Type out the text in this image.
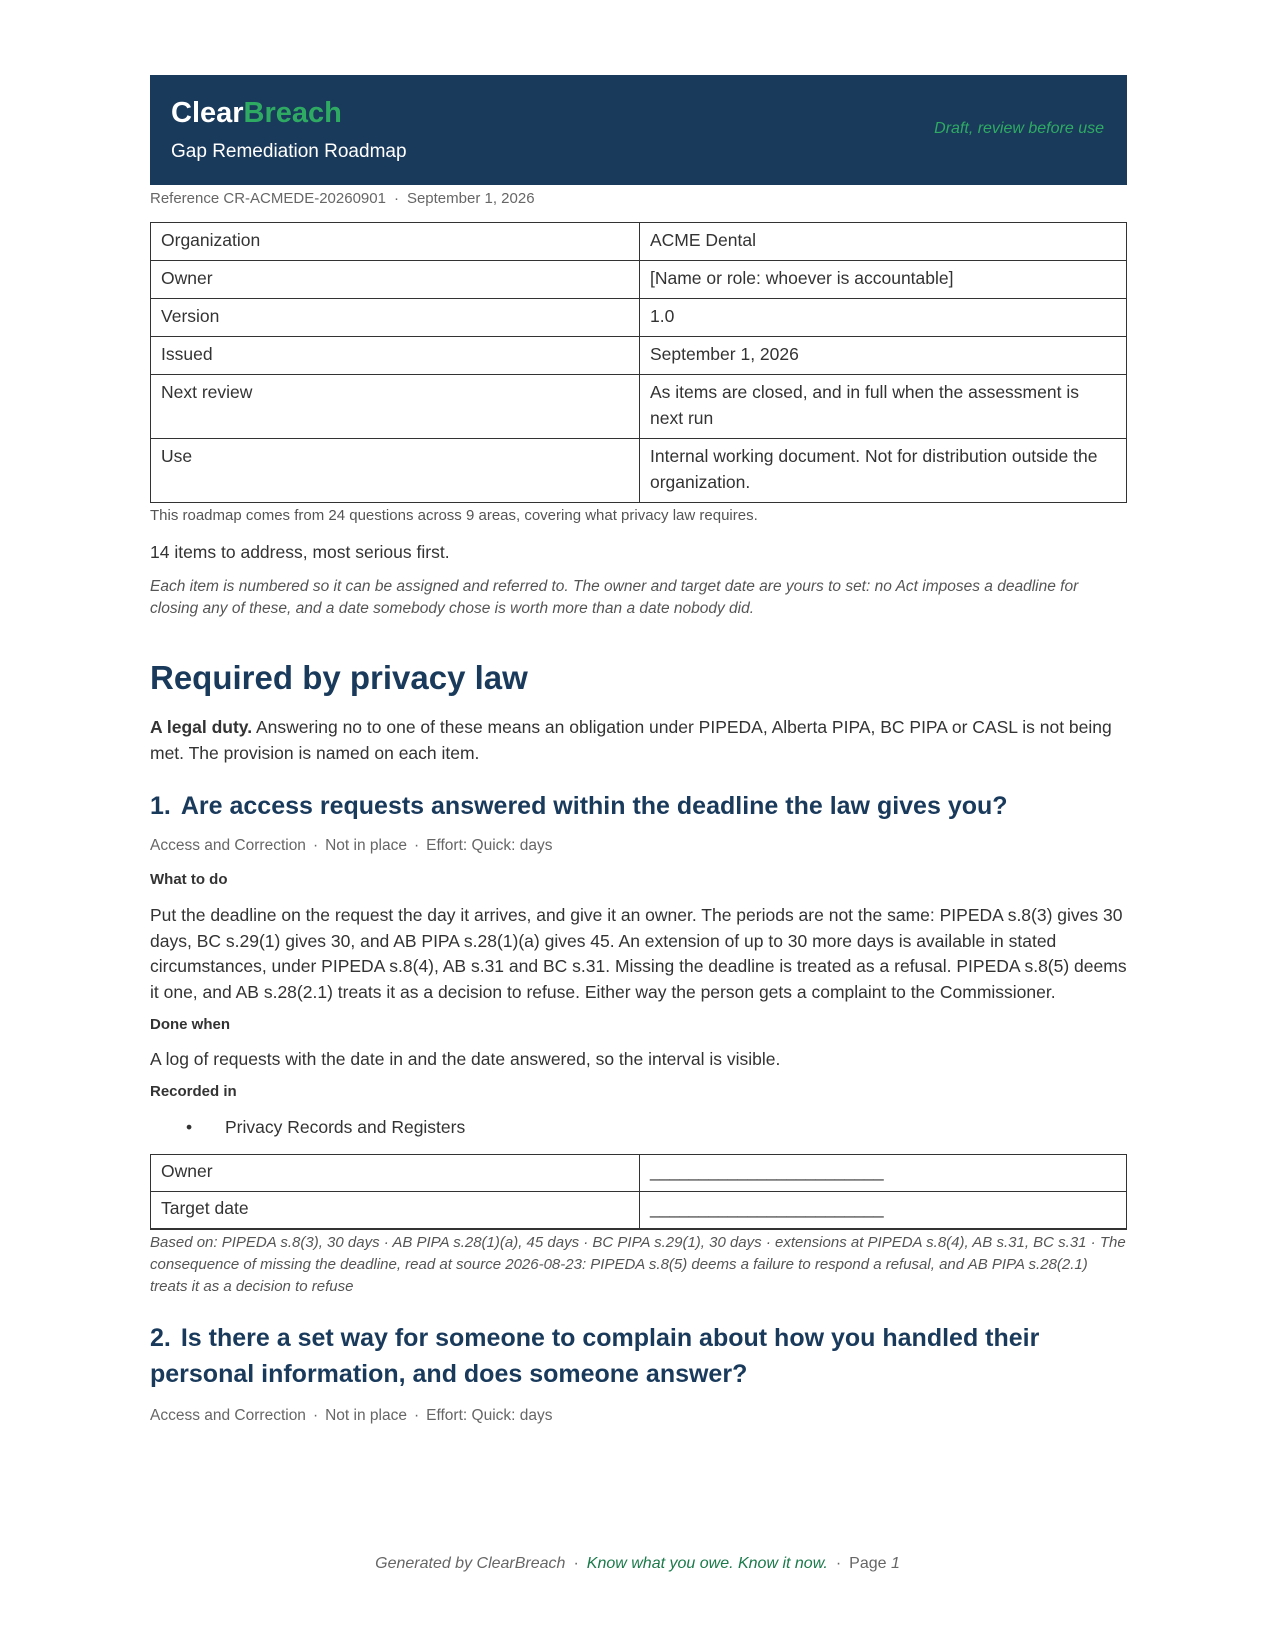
ClearBreach
Gap Remediation Roadmap
Draft, review before use
Reference CR-ACMEDE-20260901 · September 1, 2026
Organization	ACME Dental
Owner	[Name or role: whoever is accountable]
Version	1.0
Issued	September 1, 2026
Next review	As items are closed, and in full when the assessment is next run
Use	Internal working document. Not for distribution outside the organization.
This roadmap comes from 24 questions across 9 areas, covering what privacy law requires.
14 items to address, most serious first.
Each item is numbered so it can be assigned and referred to. The owner and target date are yours to set: no Act imposes a deadline for closing any of these, and a date somebody chose is worth more than a date nobody did.
Required by privacy law
A legal duty. Answering no to one of these means an obligation under PIPEDA, Alberta PIPA, BC PIPA or CASL is not being met. The provision is named on each item.
1. Are access requests answered within the deadline the law gives you?
Access and Correction · Not in place · Effort: Quick: days
What to do
Put the deadline on the request the day it arrives, and give it an owner. The periods are not the same: PIPEDA s.8(3) gives 30 days, BC s.29(1) gives 30, and AB PIPA s.28(1)(a) gives 45. An extension of up to 30 more days is available in stated circumstances, under PIPEDA s.8(4), AB s.31 and BC s.31. Missing the deadline is treated as a refusal. PIPEDA s.8(5) deems it one, and AB s.28(2.1) treats it as a decision to refuse. Either way the person gets a complaint to the Commissioner.
Done when
A log of requests with the date in and the date answered, so the interval is visible.
Recorded in
• Privacy Records and Registers
Owner	________________________
Target date	________________________
Based on: PIPEDA s.8(3), 30 days · AB PIPA s.28(1)(a), 45 days · BC PIPA s.29(1), 30 days · extensions at PIPEDA s.8(4), AB s.31, BC s.31 · The consequence of missing the deadline, read at source 2026-08-23: PIPEDA s.8(5) deems a failure to respond a refusal, and AB PIPA s.28(2.1) treats it as a decision to refuse
2. Is there a set way for someone to complain about how you handled their personal information, and does someone answer?
Access and Correction · Not in place · Effort: Quick: days
Generated by ClearBreach · Know what you owe. Know it now. · Page 1
